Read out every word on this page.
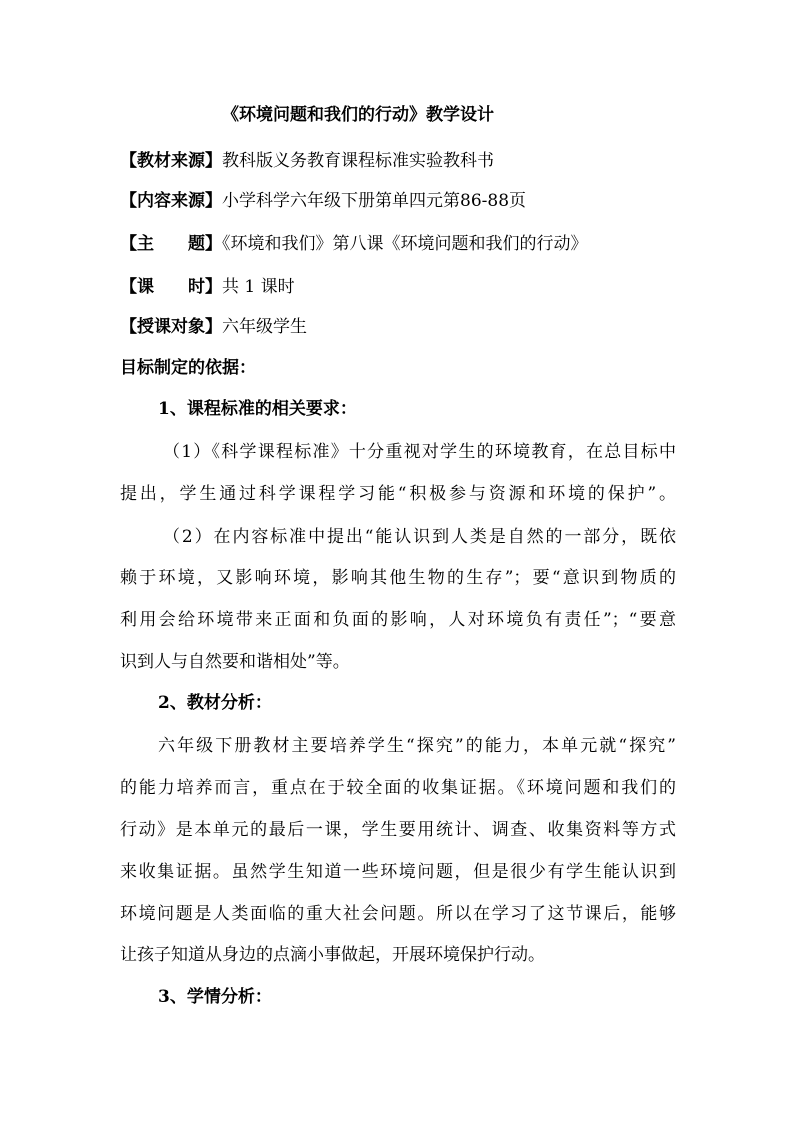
《环境问题和我们的行动》教学设计
【教材来源】教科版义务教育课程标准实验教科书
【内容来源】小学科学六年级下册第单四元第86-88页
【主　　题】《环境和我们》第八课《环境问题和我们的行动》
【课　　时】共 1 课时
【授课对象】六年级学生
目标制定的依据：
1、课程标准的相关要求：
（1）《科学课程标准》十分重视对学生的环境教育，在总目标中
提出，学生通过科学课程学习能“积极参与资源和环境的保护”。
（2）在内容标准中提出“能认识到人类是自然的一部分，既依
赖于环境，又影响环境，影响其他生物的生存”；要“意识到物质的
利用会给环境带来正面和负面的影响，人对环境负有责任”；“要意
识到人与自然要和谐相处”等。
2、教材分析：
六年级下册教材主要培养学生“探究”的能力，本单元就“探究”
的能力培养而言，重点在于较全面的收集证据。《环境问题和我们的
行动》是本单元的最后一课，学生要用统计、调查、收集资料等方式
来收集证据。虽然学生知道一些环境问题，但是很少有学生能认识到
环境问题是人类面临的重大社会问题。所以在学习了这节课后，能够
让孩子知道从身边的点滴小事做起，开展环境保护行动。
3、学情分析：
